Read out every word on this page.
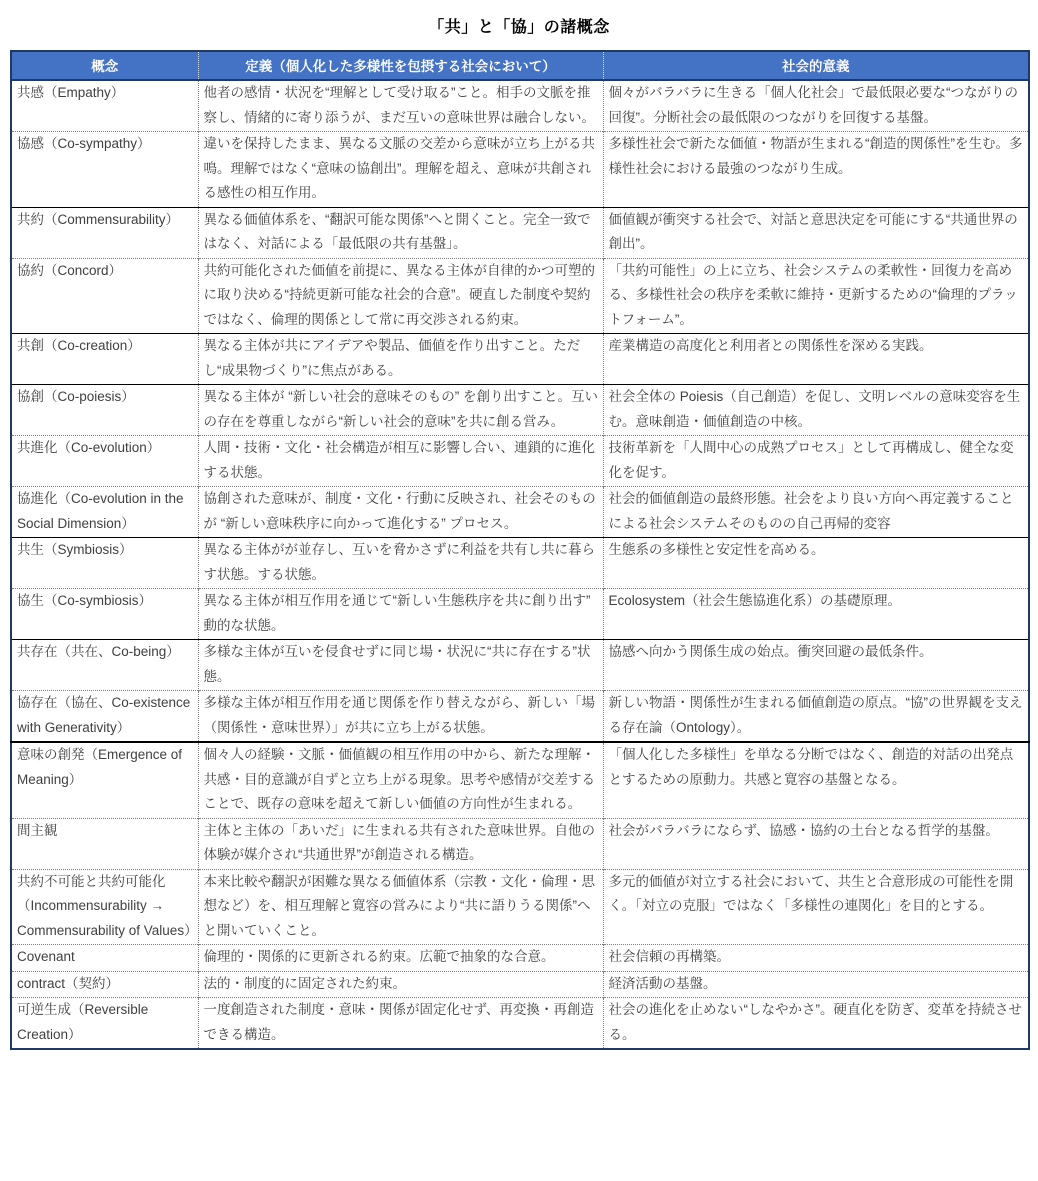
「共」と「協」の諸概念
概念	定義（個人化した多様性を包摂する社会において）	社会的意義
共感（Empathy）	他者の感情・状況を“理解として受け取る”こと。相手の文脈を推察し、情緒的に寄り添うが、まだ互いの意味世界は融合しない。	個々がバラバラに生きる「個人化社会」で最低限必要な“つながりの回復”。分断社会の最低限のつながりを回復する基盤。
協感（Co-sympathy）	違いを保持したまま、異なる文脈の交差から意味が立ち上がる共鳴。理解ではなく“意味の協創出”。理解を超え、意味が共創される感性の相互作用。	多様性社会で新たな価値・物語が生まれる“創造的関係性”を生む。多様性社会における最強のつながり生成。
共約（Commensurability）	異なる価値体系を、“翻訳可能な関係”へと開くこと。完全一致ではなく、対話による「最低限の共有基盤」。	価値観が衝突する社会で、対話と意思決定を可能にする“共通世界の創出”。
協約（Concord）	共約可能化された価値を前提に、異なる主体が自律的かつ可塑的に取り決める“持続更新可能な社会的合意”。硬直した制度や契約ではなく、倫理的関係として常に再交渉される約束。	「共約可能性」の上に立ち、社会システムの柔軟性・回復力を高める、多様性社会の秩序を柔軟に維持・更新するための“倫理的プラットフォーム”。
共創（Co-creation）	異なる主体が共にアイデアや製品、価値を作り出すこと。ただし“成果物づくり”に焦点がある。	産業構造の高度化と利用者との関係性を深める実践。
協創（Co-poiesis）	異なる主体が “新しい社会的意味そのもの” を創り出すこと。互いの存在を尊重しながら“新しい社会的意味”を共に創る営み。	社会全体の Poiesis（自己創造）を促し、文明レベルの意味変容を生む。意味創造・価値創造の中核。
共進化（Co-evolution）	人間・技術・文化・社会構造が相互に影響し合い、連鎖的に進化する状態。	技術革新を「人間中心の成熟プロセス」として再構成し、健全な変化を促す。
協進化（Co-evolution in the Social Dimension）	協創された意味が、制度・文化・行動に反映され、社会そのものが “新しい意味秩序に向かって進化する” プロセス。	社会的価値創造の最終形態。社会をより良い方向へ再定義することによる社会システムそのものの自己再帰的変容
共生（Symbiosis）	異なる主体がが並存し、互いを脅かさずに利益を共有し共に暮らす状態。する状態。	生態系の多様性と安定性を高める。
協生（Co-symbiosis）	異なる主体が相互作用を通じて“新しい生態秩序を共に創り出す” 動的な状態。	Ecolosystem（社会生態協進化系）の基礎原理。
共存在（共在、Co-being）	多様な主体が互いを侵食せずに同じ場・状況に“共に存在する”状態。	協感へ向かう関係生成の始点。衝突回避の最低条件。
協存在（協在、Co-existence with Generativity）	多様な主体が相互作用を通じ関係を作り替えながら、新しい「場（関係性・意味世界）」が共に立ち上がる状態。	新しい物語・関係性が生まれる価値創造の原点。“協”の世界観を支える存在論（Ontology）。
意味の創発（Emergence of Meaning）	個々人の経験・文脈・価値観の相互作用の中から、新たな理解・共感・目的意識が自ずと立ち上がる現象。思考や感情が交差することで、既存の意味を超えて新しい価値の方向性が生まれる。	「個人化した多様性」を単なる分断ではなく、創造的対話の出発点とするための原動力。共感と寛容の基盤となる。
間主観	主体と主体の「あいだ」に生まれる共有された意味世界。自他の体験が媒介され“共通世界”が創造される構造。	社会がバラバラにならず、協感・協約の土台となる哲学的基盤。
共約不可能と共約可能化（Incommensurability → Commensurability of Values）	本来比較や翻訳が困難な異なる価値体系（宗教・文化・倫理・思想など）を、相互理解と寛容の営みにより“共に語りうる関係”へと開いていくこと。	多元的価値が対立する社会において、共生と合意形成の可能性を開く。「対立の克服」ではなく「多様性の連関化」を目的とする。
Covenant	倫理的・関係的に更新される約束。広範で抽象的な合意。	社会信頼の再構築。
contract（契約）	法的・制度的に固定された約束。	経済活動の基盤。
可逆生成（Reversible Creation）	一度創造された制度・意味・関係が固定化せず、再変換・再創造できる構造。	社会の進化を止めない“しなやかさ”。硬直化を防ぎ、変革を持続させる。
